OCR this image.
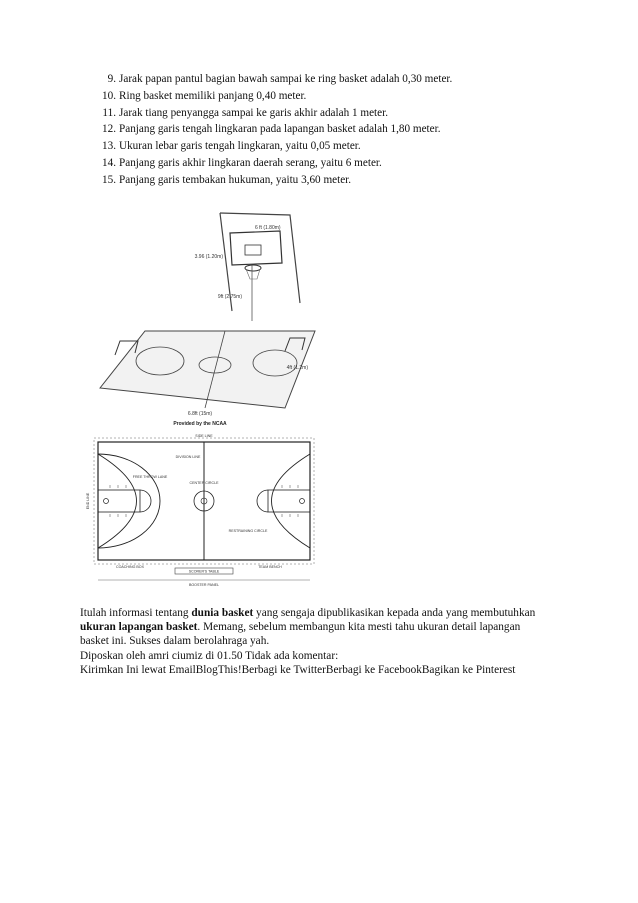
9. Jarak papan pantul bagian bawah sampai ke ring basket adalah 0,30 meter.
10. Ring basket memiliki panjang 0,40 meter.
11. Jarak tiang penyangga sampai ke garis akhir adalah 1 meter.
12. Panjang garis tengah lingkaran pada lapangan basket adalah 1,80 meter.
13. Ukuran lebar garis tengah lingkaran, yaitu 0,05 meter.
14. Panjang garis akhir lingkaran daerah serang, yaitu 6 meter.
15. Panjang garis tembakan hukuman, yaitu 3,60 meter.
6 ft (1.80m)
3.96 (1.20m)
9ft (2.75m)
4ft (1.2m)
6.8ft (15m)
Provided by the NCAA
SIDE LINE
DIVISION LINE
CENTER CIRCLE
FREE THROW LANE
RESTRAINING CIRCLE
COACHING BOX
END LINE
SCORER'S TABLE
TEAM BENCH
BOOSTER PANEL

Itulah informasi tentang dunia basket yang sengaja dipublikasikan kepada anda yang membutuhkan ukuran lapangan basket. Memang, sebelum membangun kita mesti tahu ukuran detail lapangan basket ini. Sukses dalam berolahraga yah.

Diposkan oleh amri ciumiz di 01.50 Tidak ada komentar:

Kirimkan Ini lewat EmailBlogThis!Berbagi ke TwitterBerbagi ke FacebookBagikan ke Pinterest
